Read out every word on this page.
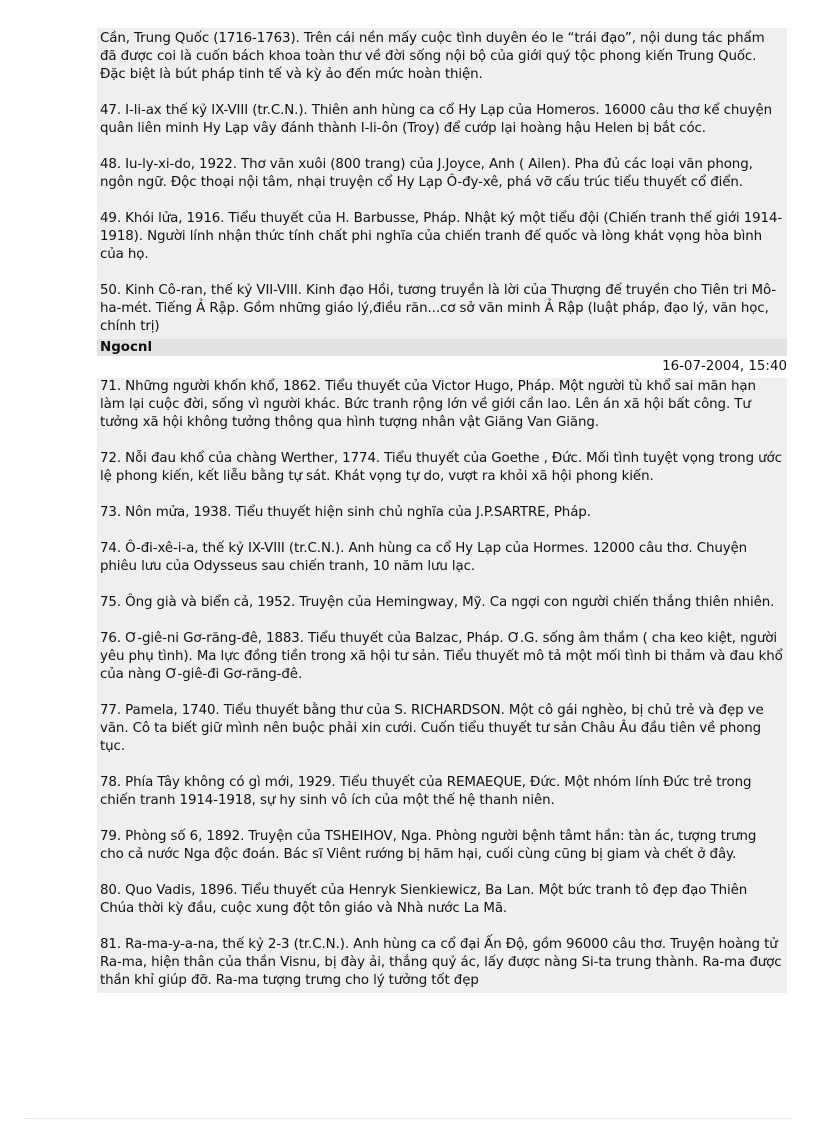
Cần, Trung Quốc (1716-1763). Trên cái nền mấy cuộc tình duyên éo le “trái đạo”, nội dung tác phẩm đã được coi là cuốn bách khoa toàn thư về đời sống nội bộ của giới quý tộc phong kiến Trung Quốc. Đặc biệt là bút pháp tinh tế và kỳ ảo đến mức hoàn thiện.

47. I-li-ax thế kỷ IX-VIII (tr.C.N.). Thiên anh hùng ca cổ Hy Lạp của Homeros. 16000 câu thơ kể chuyện quân liên minh Hy Lạp vây đánh thành I-li-ôn (Troy) để cướp lại hoàng hậu Helen bị bắt cóc.

48. Iu-ly-xi-do, 1922. Thơ văn xuôi (800 trang) của J.Joyce, Anh ( Ailen). Pha đủ các loại văn phong, ngôn ngữ. Độc thoại nội tâm, nhại truyện cổ Hy Lạp Ô-đy-xê, phá vỡ cấu trúc tiểu thuyết cổ điển.

49. Khói lửa, 1916. Tiểu thuyết của H. Barbusse, Pháp. Nhật ký một tiểu đội (Chiến tranh thế giới 1914-1918). Người lính nhận thức tính chất phi nghĩa của chiến tranh đế quốc và lòng khát vọng hòa bình của họ.

50. Kinh Cô-ran, thế kỷ VII-VIII. Kinh đạo Hồi, tương truyền là lời của Thượng đế truyền cho Tiên tri Mô-ha-mét. Tiếng Ả Rập. Gồm những giáo lý,điều răn...cơ sở văn minh Ả Rập (luật pháp, đạo lý, văn học, chính trị)

Ngocnl
16-07-2004, 15:40

71. Những người khốn khổ, 1862. Tiểu thuyết của Victor Hugo, Pháp. Một người tù khổ sai mãn hạn làm lại cuộc đời, sống vì người khác. Bức tranh rộng lớn về giới cần lao. Lên án xã hội bất công. Tư tưởng xã hội không tưởng thông qua hình tượng nhân vật Giăng Van Giăng.

72. Nỗi đau khổ của chàng Werther, 1774. Tiểu thuyết của Goethe , Đức. Mối tình tuyệt vọng trong ước lệ phong kiến, kết liễu bằng tự sát. Khát vọng tự do, vượt ra khỏi xã hội phong kiến.

73. Nôn mửa, 1938. Tiểu thuyết hiện sinh chủ nghĩa của J.P.SARTRE, Pháp.

74. Ô-đi-xê-i-a, thế kỷ IX-VIII (tr.C.N.). Anh hùng ca cổ Hy Lạp của Hormes. 12000 câu thơ. Chuyện phiêu lưu của Odysseus sau chiến tranh, 10 năm lưu lạc.

75. Ông già và biển cả, 1952. Truyện của Hemingway, Mỹ. Ca ngợi con người chiến thắng thiên nhiên.

76. Ơ-giê-ni Gơ-răng-đê, 1883. Tiểu thuyết của Balzac, Pháp. Ơ.G. sống âm thầm ( cha keo kiệt, người yêu phụ tình). Ma lực đồng tiền trong xã hội tư sản. Tiểu thuyết mô tả một mối tình bi thảm và đau khổ của nàng Ơ-giê-đi Gơ-răng-đê.

77. Pamela, 1740. Tiểu thuyết bằng thư của S. RICHARDSON. Một cô gái nghèo, bị chủ trẻ và đẹp ve vãn. Cô ta biết giữ mình nên buộc phải xin cưới. Cuốn tiểu thuyết tư sản Châu Âu đầu tiên về phong tục.

78. Phía Tây không có gì mới, 1929. Tiểu thuyết của REMAEQUE, Đức. Một nhóm lính Đức trẻ trong chiến tranh 1914-1918, sự hy sinh vô ích của một thế hệ thanh niên.

79. Phòng số 6, 1892. Truyện của TSHEIHOV, Nga. Phòng người bệnh tâmt hần: tàn ác, tượng trưng cho cả nước Nga độc đoán. Bác sĩ Viênt rướng bị hãm hại, cuối cùng cũng bị giam và chết ở đây.

80. Quo Vadis, 1896. Tiểu thuyết của Henryk Sienkiewicz, Ba Lan. Một bức tranh tô đẹp đạo Thiên Chúa thời kỳ đầu, cuộc xung đột tôn giáo và Nhà nước La Mã.

81. Ra-ma-y-a-na, thế kỷ 2-3 (tr.C.N.). Anh hùng ca cổ đại Ấn Độ, gồm 96000 câu thơ. Truyện hoàng tử Ra-ma, hiện thân của thần Visnu, bị đày ải, thắng quỷ ác, lấy được nàng Si-ta trung thành. Ra-ma được thần khỉ giúp đỡ. Ra-ma tượng trưng cho lý tưởng tốt đẹp
